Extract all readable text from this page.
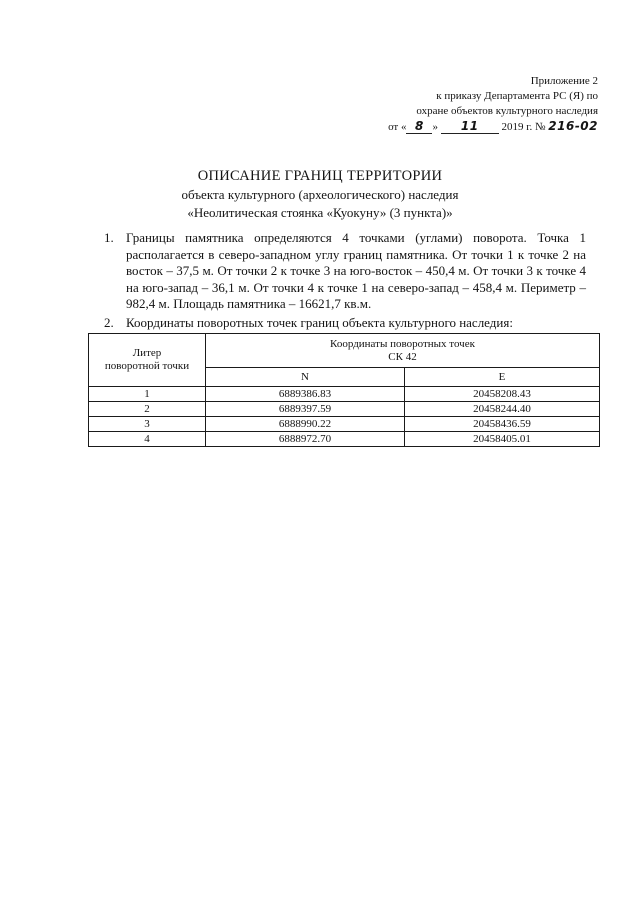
Приложение 2
к приказу Департамента РС (Я) по
охране объектов культурного наследия
от « 8 » 11 2019 г. № 216-02
ОПИСАНИЕ ГРАНИЦ ТЕРРИТОРИИ
объекта культурного (археологического) наследия
«Неолитическая стоянка «Куокуну» (3 пункта)»
1. Границы памятника определяются 4 точками (углами) поворота. Точка 1 располагается в северо-западном углу границ памятника. От точки 1 к точке 2 на восток – 37,5 м. От точки 2 к точке 3 на юго-восток – 450,4 м. От точки 3 к точке 4 на юго-запад – 36,1 м. От точки 4 к точке 1 на северо-запад – 458,4 м. Периметр – 982,4 м. Площадь памятника – 16621,7 кв.м.
2. Координаты поворотных точек границ объекта культурного наследия:
Литер
поворотной точки	Координаты поворотных точек
СК 42	

	N	E
1	6889386.83	20458208.43
2	6889397.59	20458244.40
3	6888990.22	20458436.59
4	6888972.70	20458405.01
